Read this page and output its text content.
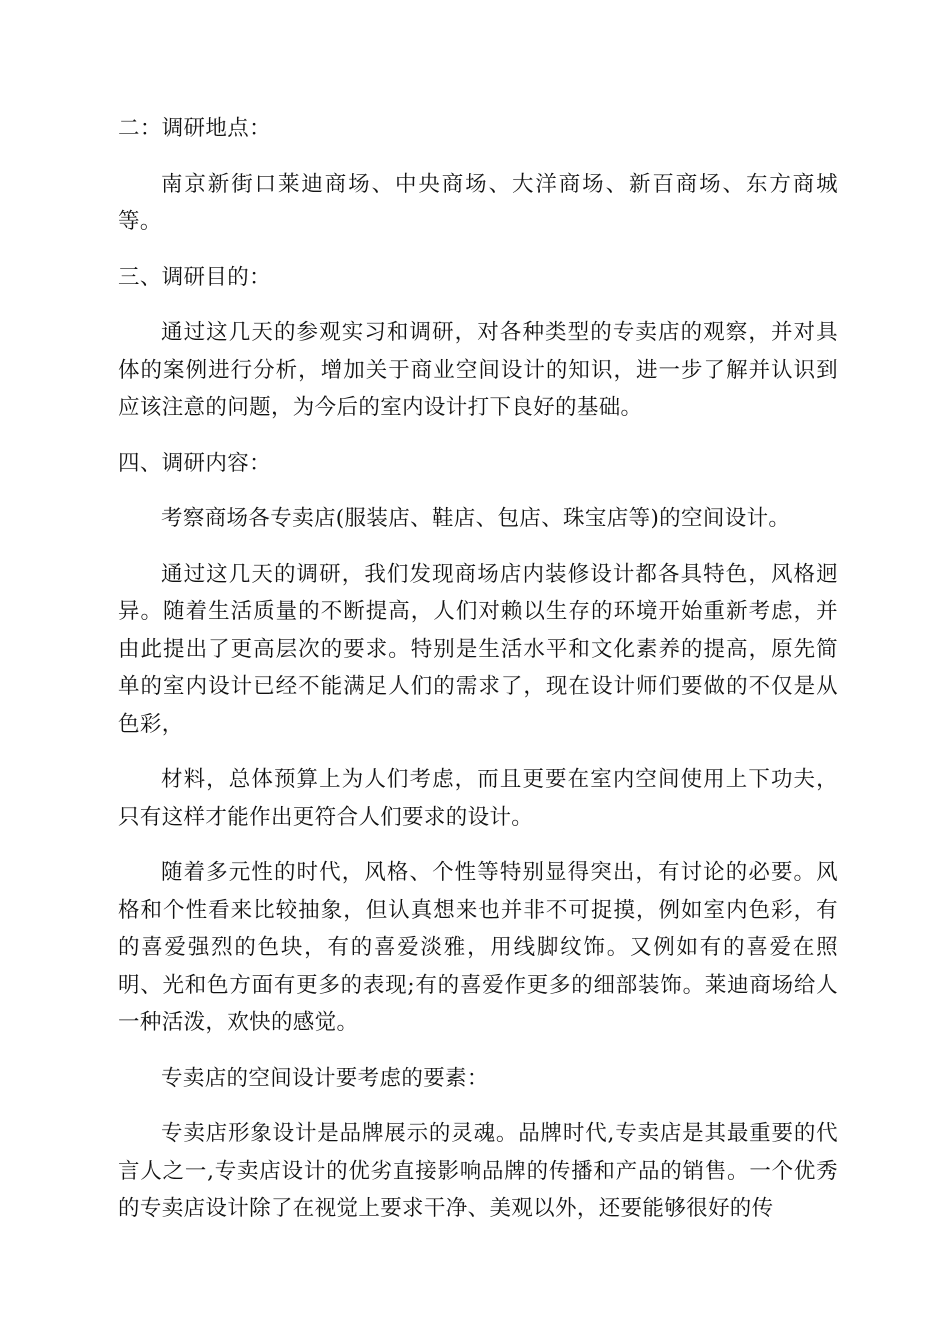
二：调研地点：

南京新街口莱迪商场、中央商场、大洋商场、新百商场、东方商城等。

三、调研目的：

通过这几天的参观实习和调研，对各种类型的专卖店的观察，并对具体的案例进行分析，增加关于商业空间设计的知识，进一步了解并认识到应该注意的问题，为今后的室内设计打下良好的基础。

四、调研内容：

考察商场各专卖店(服装店、鞋店、包店、珠宝店等)的空间设计。

通过这几天的调研，我们发现商场店内装修设计都各具特色，风格迥异。随着生活质量的不断提高，人们对赖以生存的环境开始重新考虑，并由此提出了更高层次的要求。特别是生活水平和文化素养的提高，原先简单的室内设计已经不能满足人们的需求了，现在设计师们要做的不仅是从色彩，

材料，总体预算上为人们考虑，而且更要在室内空间使用上下功夫，只有这样才能作出更符合人们要求的设计。

随着多元性的时代，风格、个性等特别显得突出，有讨论的必要。风格和个性看来比较抽象，但认真想来也并非不可捉摸，例如室内色彩，有的喜爱强烈的色块，有的喜爱淡雅，用线脚纹饰。又例如有的喜爱在照明、光和色方面有更多的表现;有的喜爱作更多的细部装饰。莱迪商场给人一种活泼，欢快的感觉。

专卖店的空间设计要考虑的要素：

专卖店形象设计是品牌展示的灵魂。品牌时代,专卖店是其最重要的代言人之一,专卖店设计的优劣直接影响品牌的传播和产品的销售。一个优秀的专卖店设计除了在视觉上要求干净、美观以外，还要能够很好的传
